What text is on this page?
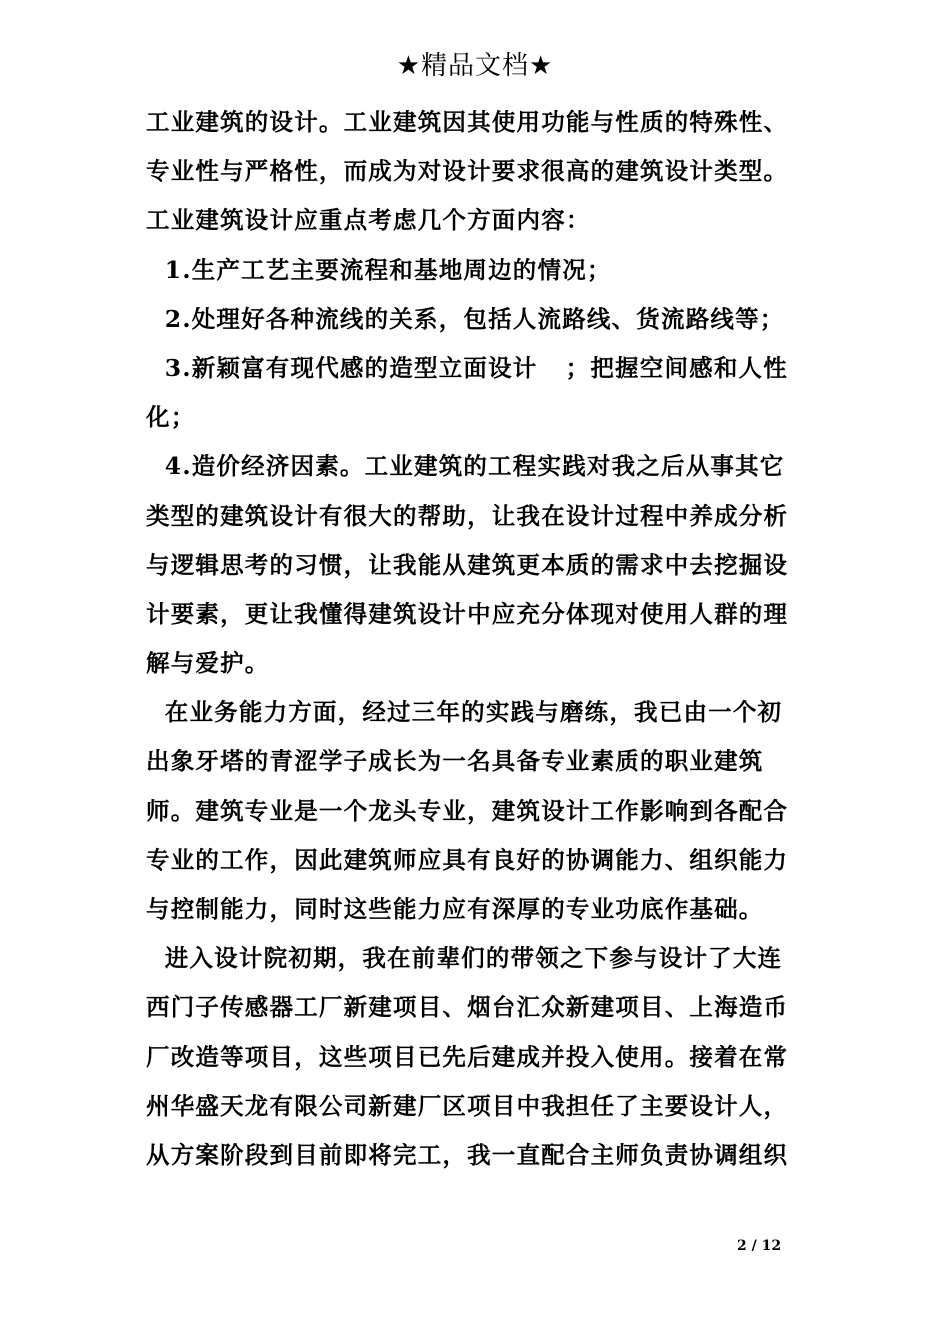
★精品文档★
工业建筑的设计。工业建筑因其使用功能与性质的特殊性、
专业性与严格性，而成为对设计要求很高的建筑设计类型。
工业建筑设计应重点考虑几个方面内容：
1.生产工艺主要流程和基地周边的情况；
2.处理好各种流线的关系，包括人流路线、货流路线等；
3.新颖富有现代感的造型立面设计   ；把握空间感和人性
化；
4.造价经济因素。工业建筑的工程实践对我之后从事其它
类型的建筑设计有很大的帮助，让我在设计过程中养成分析
与逻辑思考的习惯，让我能从建筑更本质的需求中去挖掘设
计要素，更让我懂得建筑设计中应充分体现对使用人群的理
解与爱护。
在业务能力方面，经过三年的实践与磨练，我已由一个初
出象牙塔的青涩学子成长为一名具备专业素质的职业建筑
师。建筑专业是一个龙头专业，建筑设计工作影响到各配合
专业的工作，因此建筑师应具有良好的协调能力、组织能力
与控制能力，同时这些能力应有深厚的专业功底作基础。
进入设计院初期，我在前辈们的带领之下参与设计了大连
西门子传感器工厂新建项目、烟台汇众新建项目、上海造币
厂改造等项目，这些项目已先后建成并投入使用。接着在常
州华盛天龙有限公司新建厂区项目中我担任了主要设计人，
从方案阶段到目前即将完工，我一直配合主师负责协调组织
2 / 12
